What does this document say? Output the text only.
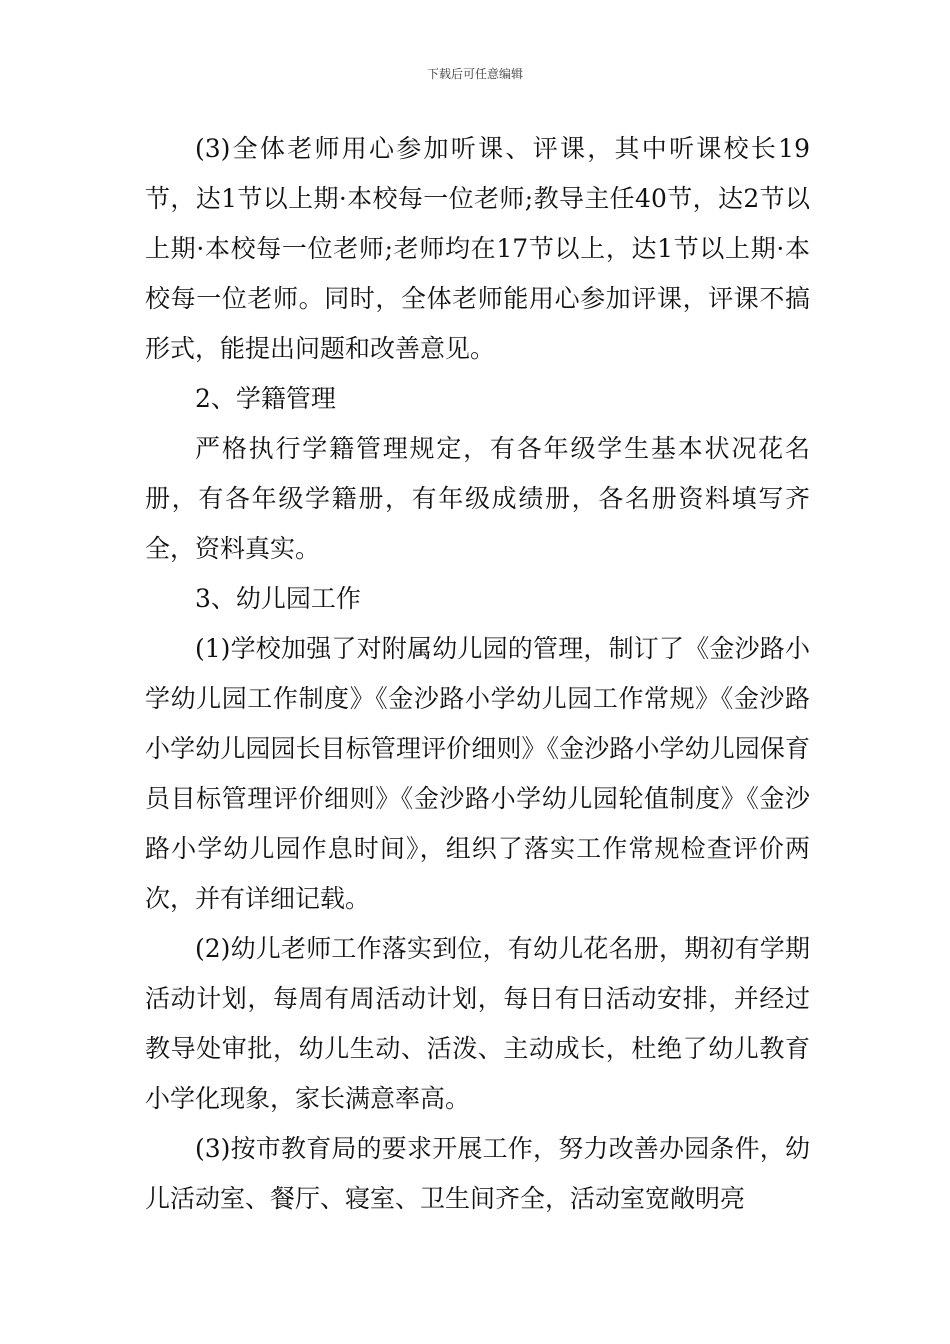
下载后可任意编辑

(3)全体老师用心参加听课、评课，其中听课校长19节，达1节以上期·本校每一位老师;教导主任40节，达2节以上期·本校每一位老师;老师均在17节以上，达1节以上期·本校每一位老师。同时，全体老师能用心参加评课，评课不搞形式，能提出问题和改善意见。

2、学籍管理

严格执行学籍管理规定，有各年级学生基本状况花名册，有各年级学籍册，有年级成绩册，各名册资料填写齐全，资料真实。

3、幼儿园工作

(1)学校加强了对附属幼儿园的管理，制订了《金沙路小学幼儿园工作制度》《金沙路小学幼儿园工作常规》《金沙路小学幼儿园园长目标管理评价细则》《金沙路小学幼儿园保育员目标管理评价细则》《金沙路小学幼儿园轮值制度》《金沙路小学幼儿园作息时间》，组织了落实工作常规检查评价两次，并有详细记载。

(2)幼儿老师工作落实到位，有幼儿花名册，期初有学期活动计划，每周有周活动计划，每日有日活动安排，并经过教导处审批，幼儿生动、活泼、主动成长，杜绝了幼儿教育小学化现象，家长满意率高。

(3)按市教育局的要求开展工作，努力改善办园条件，幼儿活动室、餐厅、寝室、卫生间齐全，活动室宽敞明亮
